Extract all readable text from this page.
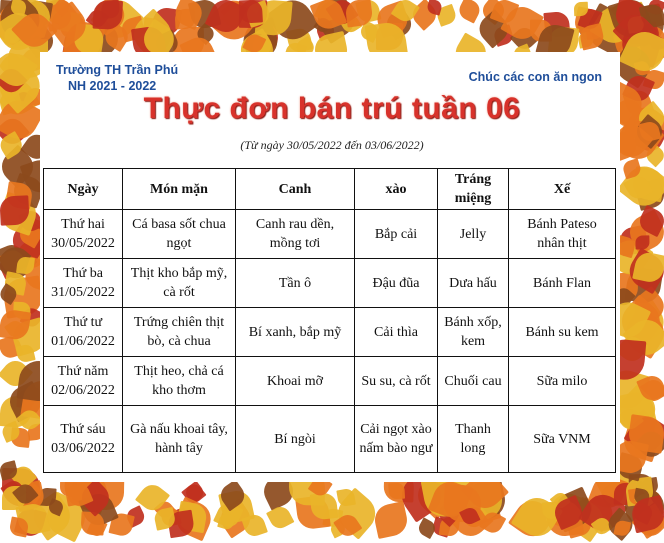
Trường TH Trần Phú
NH 2021 - 2022
Chúc các con ăn ngon
Thực đơn bán trú tuần 06
(Từ ngày 30/05/2022 đến 03/06/2022)
Ngày	Món mặn	Canh	xào	Tráng miệng	Xế

Thứ hai
30/05/2022	Cá basa sốt chua ngọt	Canh rau dền, mồng tơi	Bắp cải	Jelly	Bánh Pateso nhân thịt

Thứ ba
31/05/2022	Thịt kho bắp mỹ, cà rốt	Tần ô	Đậu đũa	Dưa hấu	Bánh Flan

Thứ tư
01/06/2022	Trứng chiên thịt bò, cà chua	Bí xanh, bắp mỹ	Cải thìa	Bánh xốp, kem	Bánh su kem

Thứ năm
02/06/2022	Thịt heo, chả cá kho thơm	Khoai mỡ	Su su, cà rốt	Chuối cau	Sữa milo

Thứ sáu
03/06/2022	Gà nấu khoai tây, hành tây	Bí ngòi	Cải ngọt xào nấm bào ngư	Thanh long	Sữa VNM
